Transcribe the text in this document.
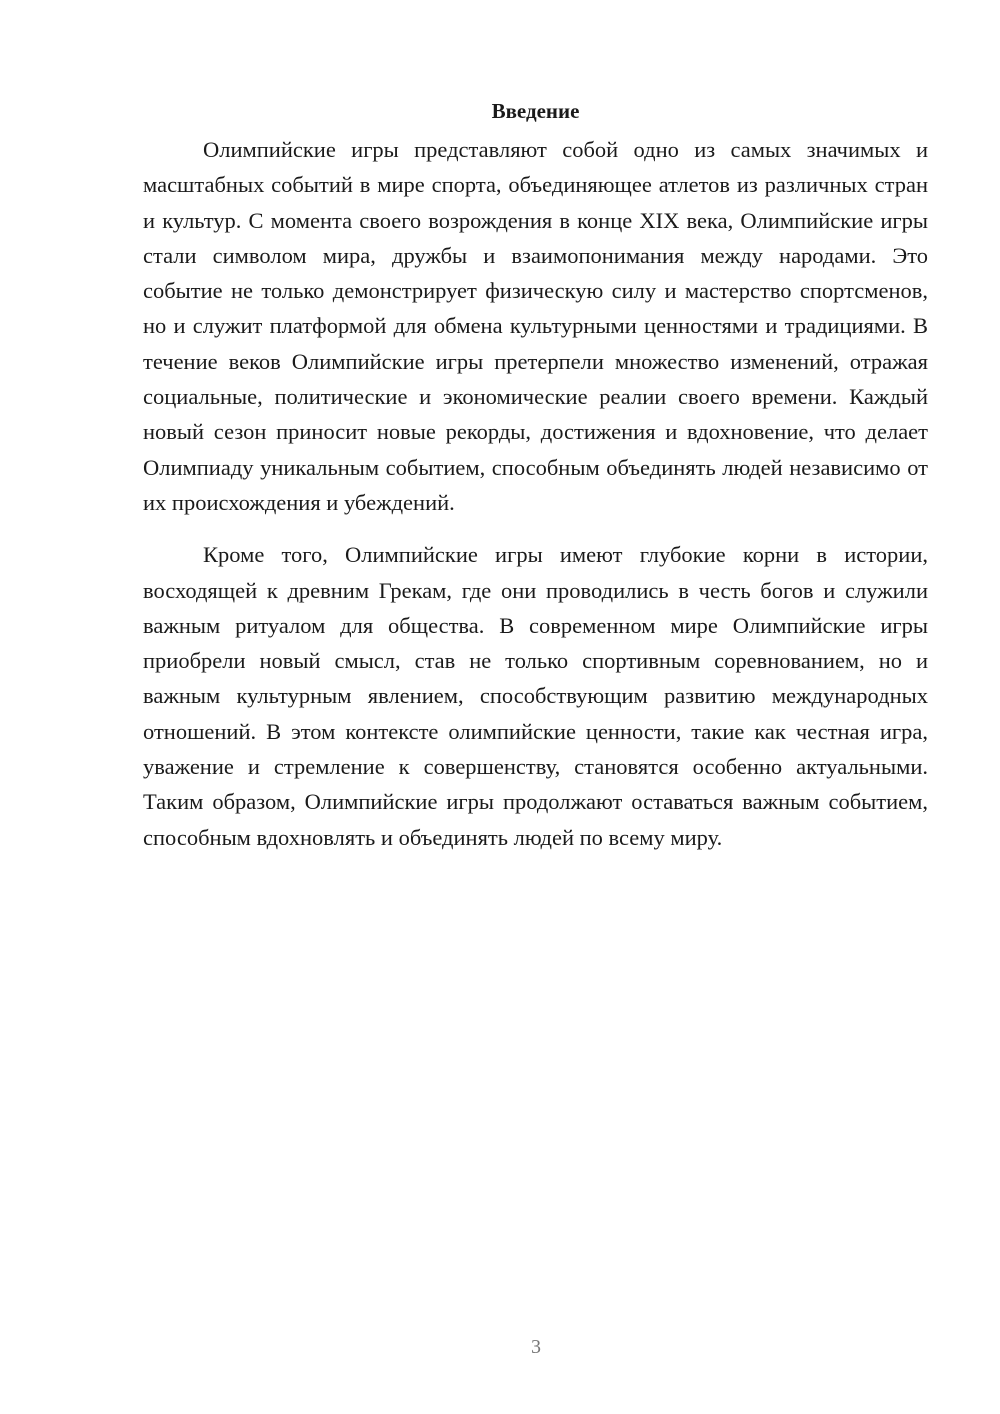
Введение

Олимпийские игры представляют собой одно из самых значимых и масштабных событий в мире спорта, объединяющее атлетов из различных стран и культур. С момента своего возрождения в конце XIX века, Олимпийские игры стали символом мира, дружбы и взаимопонимания между народами. Это событие не только демонстрирует физическую силу и мастерство спортсменов, но и служит платформой для обмена культурными ценностями и традициями. В течение веков Олимпийские игры претерпели множество изменений, отражая социальные, политические и экономические реалии своего времени. Каждый новый сезон приносит новые рекорды, достижения и вдохновение, что делает Олимпиаду уникальным событием, способным объединять людей независимо от их происхождения и убеждений.

Кроме того, Олимпийские игры имеют глубокие корни в истории, восходящей к древним Грекам, где они проводились в честь богов и служили важным ритуалом для общества. В современном мире Олимпийские игры приобрели новый смысл, став не только спортивным соревнованием, но и важным культурным явлением, способствующим развитию международных отношений. В этом контексте олимпийские ценности, такие как честная игра, уважение и стремление к совершенству, становятся особенно актуальными. Таким образом, Олимпийские игры продолжают оставаться важным событием, способным вдохновлять и объединять людей по всему миру.

3
